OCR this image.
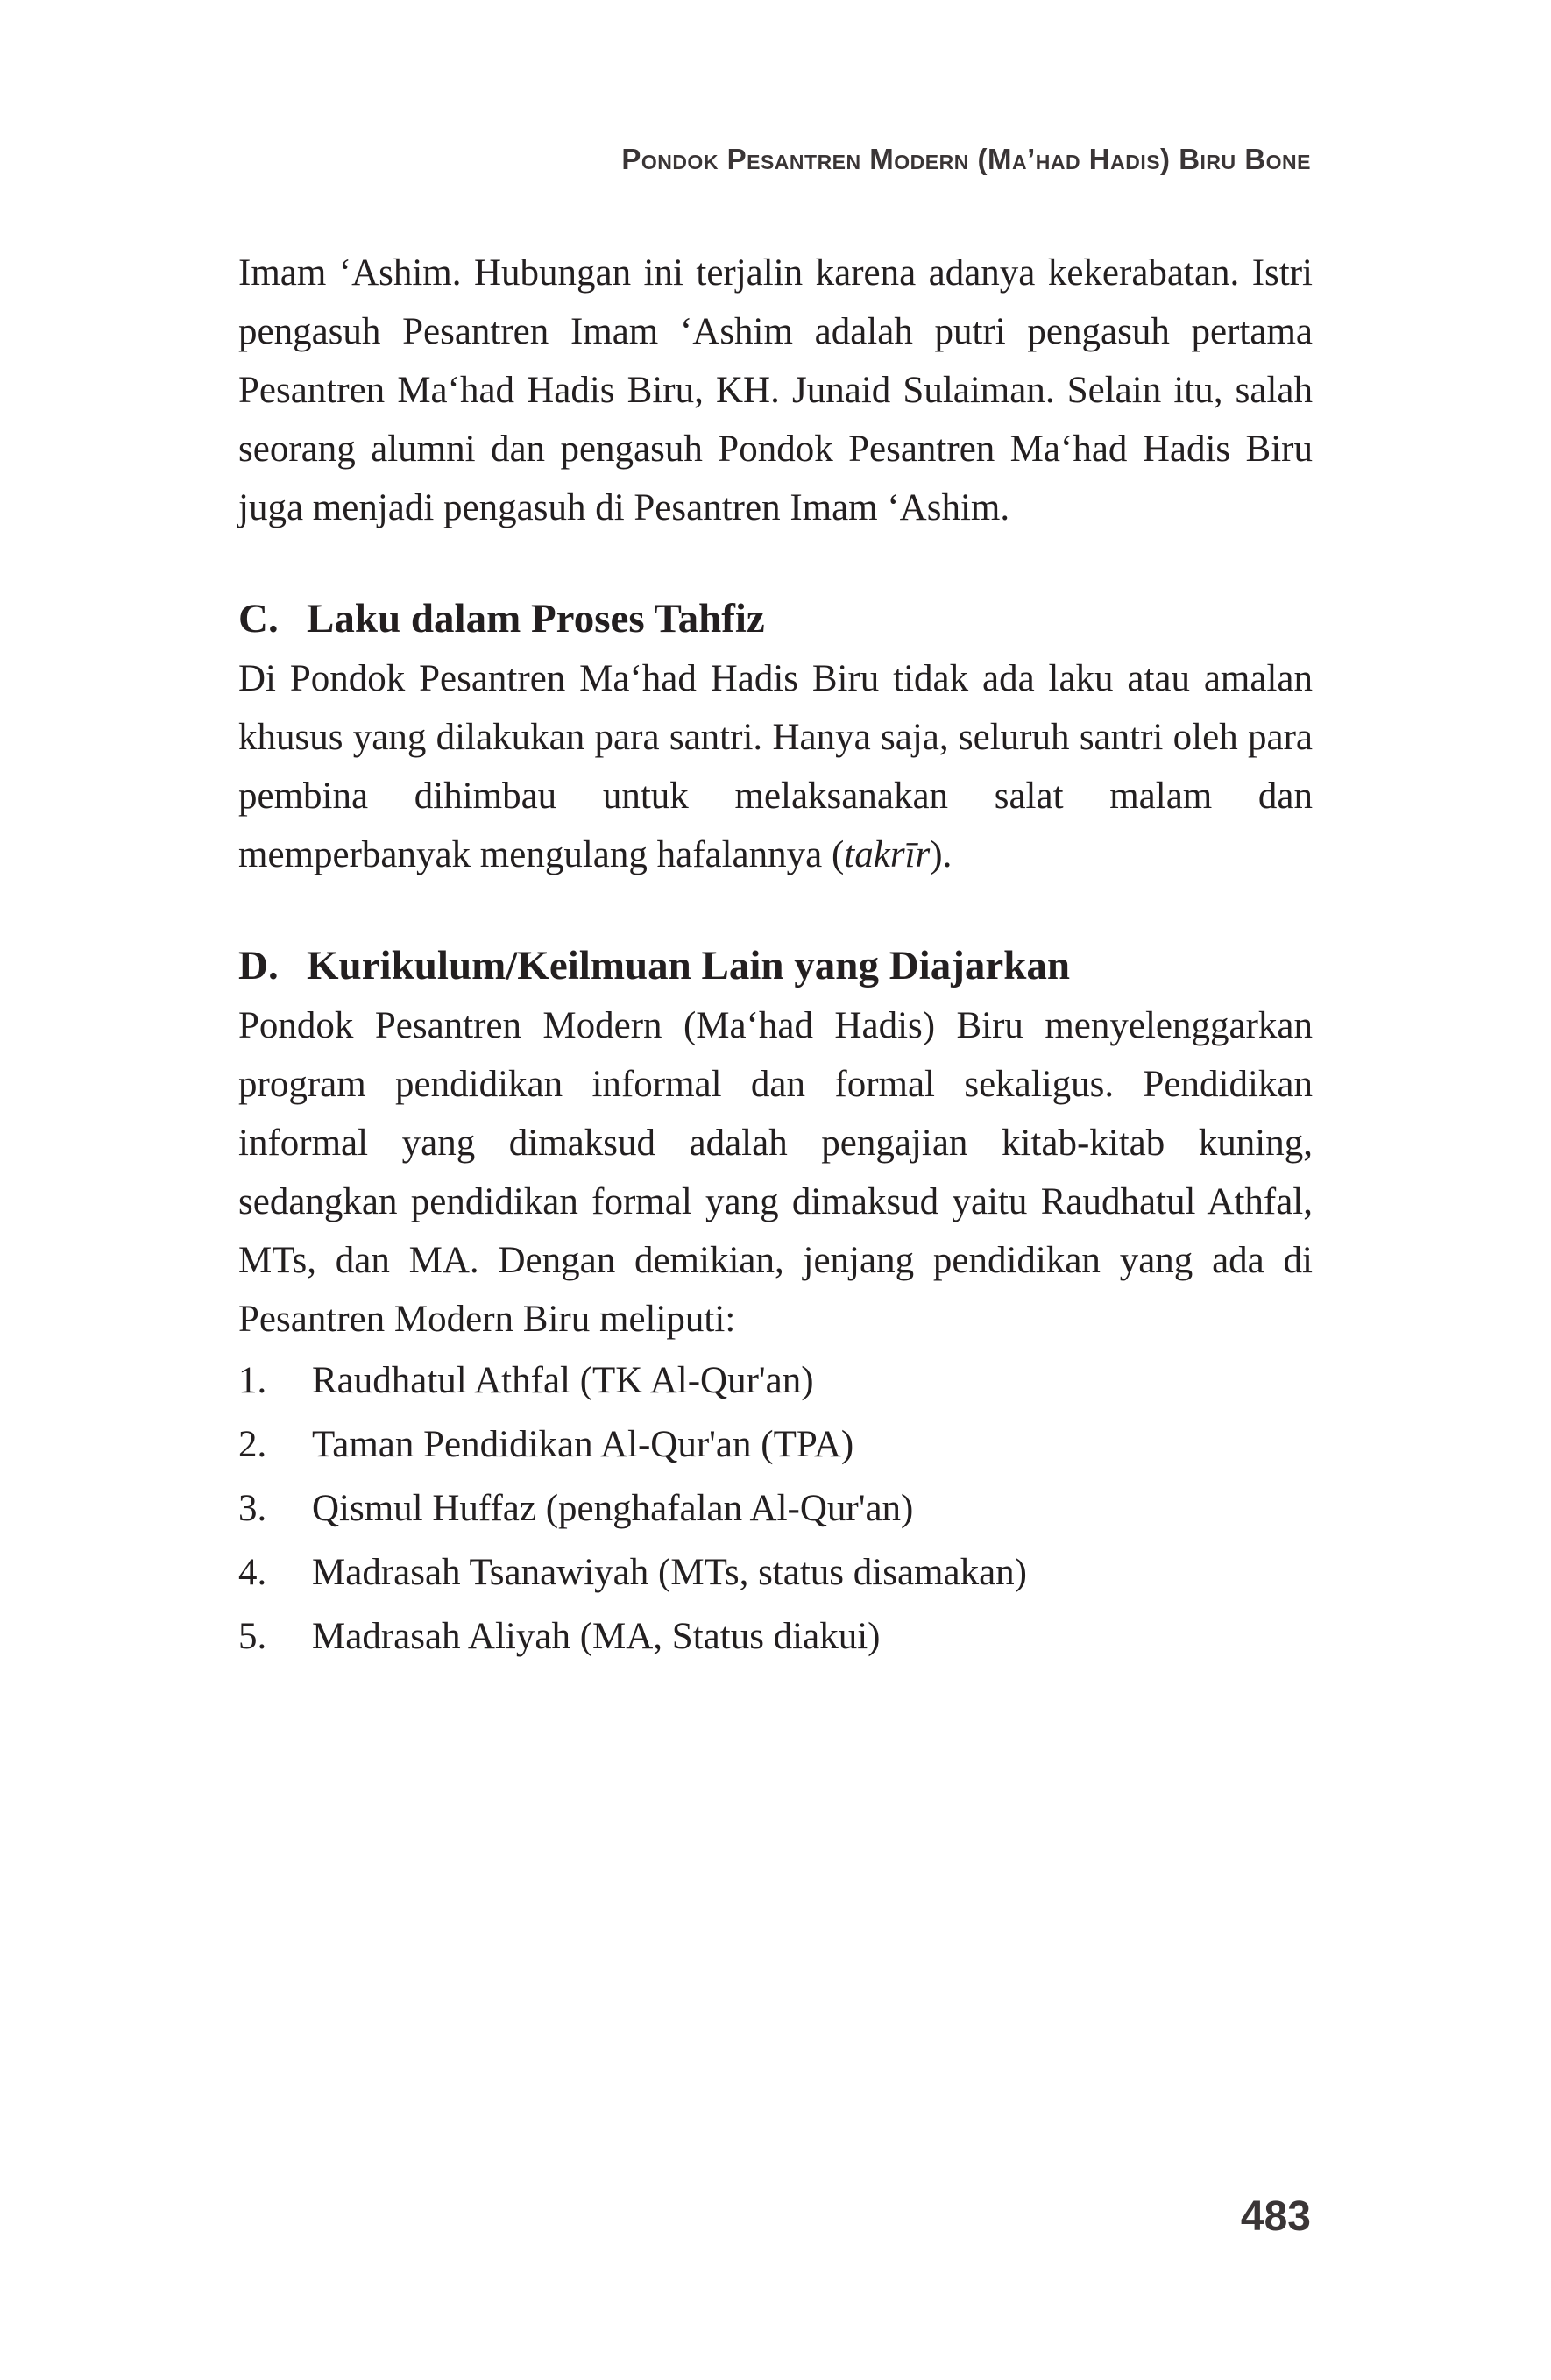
Pondok Pesantren Modern (Ma’had Hadis) Biru Bone

Imam ‘Ashim. Hubungan ini terjalin karena adanya kekerabatan. Istri pengasuh Pesantren Imam ‘Ashim adalah putri pengasuh pertama Pesantren Ma‘had Hadis Biru, KH. Junaid Sulaiman. Selain itu, salah seorang alumni dan pengasuh Pondok Pesantren Ma‘had Hadis Biru juga menjadi pengasuh di Pesantren Imam ‘Ashim.

C. Laku dalam Proses Tahfiz

Di Pondok Pesantren Ma‘had Hadis Biru tidak ada laku atau amalan khusus yang dilakukan para santri. Hanya saja, seluruh santri oleh para pembina dihimbau untuk melaksanakan salat malam dan memperbanyak mengulang hafalannya (takrīr).

D. Kurikulum/Keilmuan Lain yang Diajarkan

Pondok Pesantren Modern (Ma‘had Hadis) Biru menyelenggarkan program pendidikan informal dan formal sekaligus. Pendidikan informal yang dimaksud adalah pengajian kitab-kitab kuning, sedangkan pendidikan formal yang dimaksud yaitu Raudhatul Athfal, MTs, dan MA. Dengan demikian, jenjang pendidikan yang ada di Pesantren Modern Biru meliputi:

1.	Raudhatul Athfal (TK Al-Qur'an)
2.	Taman Pendidikan Al-Qur'an (TPA)
3.	Qismul Huffaz (penghafalan Al-Qur'an)
4.	Madrasah Tsanawiyah (MTs, status disamakan)
5.	Madrasah Aliyah (MA, Status diakui)
483
